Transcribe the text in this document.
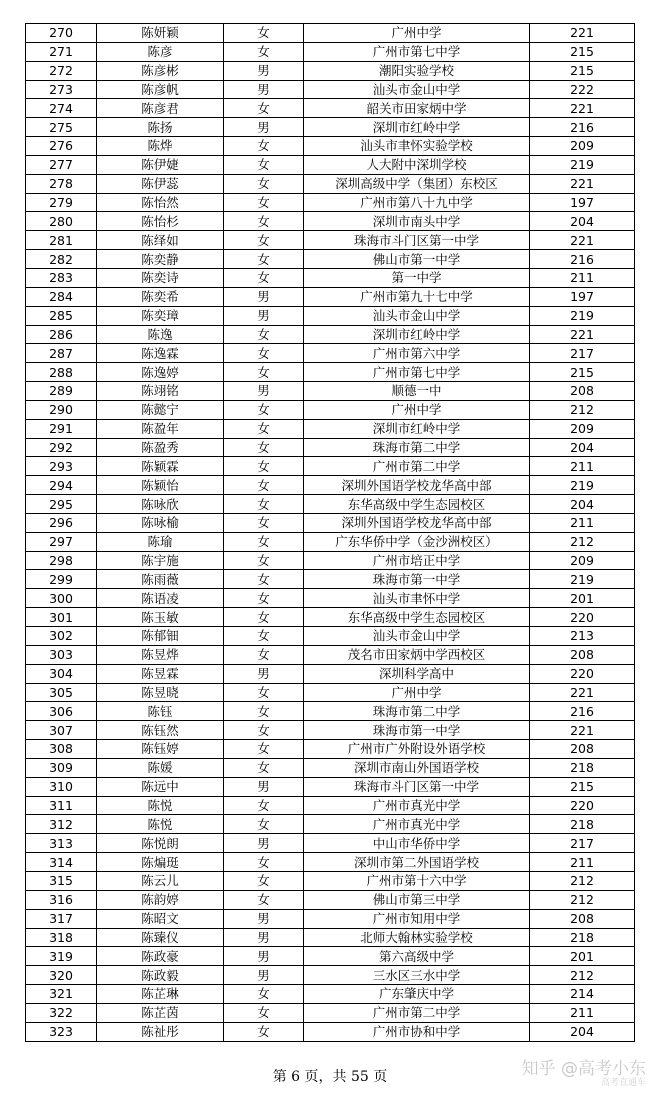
270	陈妍颖	女	广州中学	221
271	陈彦	女	广州市第七中学	215
272	陈彦彬	男	潮阳实验学校	215
273	陈彦帆	男	汕头市金山中学	222
274	陈彦君	女	韶关市田家炳中学	221
275	陈扬	男	深圳市红岭中学	216
276	陈烨	女	汕头市聿怀实验学校	209
277	陈伊婕	女	人大附中深圳学校	219
278	陈伊蕊	女	深圳高级中学（集团）东校区	221
279	陈怡然	女	广州市第八十九中学	197
280	陈怡杉	女	深圳市南头中学	204
281	陈绎如	女	珠海市斗门区第一中学	221
282	陈奕静	女	佛山市第一中学	216
283	陈奕诗	女	第一中学	211
284	陈奕希	男	广州市第九十七中学	197
285	陈奕璋	男	汕头市金山中学	219
286	陈逸	女	深圳市红岭中学	221
287	陈逸霖	女	广州市第六中学	217
288	陈逸婷	女	广州市第七中学	215
289	陈翊铭	男	顺德一中	208
290	陈懿宁	女	广州中学	212
291	陈盈年	女	深圳市红岭中学	209
292	陈盈秀	女	珠海市第二中学	204
293	陈颖霖	女	广州市第二中学	211
294	陈颖怡	女	深圳外国语学校龙华高中部	219
295	陈咏欣	女	东华高级中学生态园校区	204
296	陈咏榆	女	深圳外国语学校龙华高中部	211
297	陈瑜	女	广东华侨中学（金沙洲校区）	212
298	陈宇施	女	广州市培正中学	209
299	陈雨薇	女	珠海市第一中学	219
300	陈语凌	女	汕头市聿怀中学	201
301	陈玉敏	女	东华高级中学生态园校区	220
302	陈郁钿	女	汕头市金山中学	213
303	陈昱烨	女	茂名市田家炳中学西校区	208
304	陈昱霖	男	深圳科学高中	220
305	陈昱晓	女	广州中学	221
306	陈钰	女	珠海市第二中学	216
307	陈钰然	女	珠海市第一中学	221
308	陈钰婷	女	广州市广外附设外语学校	208
309	陈媛	女	深圳市南山外国语学校	218
310	陈远中	男	珠海市斗门区第一中学	215
311	陈悦	女	广州市真光中学	220
312	陈悦	女	广州市真光中学	218
313	陈悦朗	男	中山市华侨中学	217
314	陈煸珽	女	深圳市第二外国语学校	211
315	陈云儿	女	广州市第十六中学	212
316	陈韵婷	女	佛山市第三中学	212
317	陈昭文	男	广州市知用中学	208
318	陈臻仪	男	北师大翰林实验学校	218
319	陈政豪	男	第六高级中学	201
320	陈政毅	男	三水区三水中学	212
321	陈芷琳	女	广东肇庆中学	214
322	陈芷茵	女	广州市第二中学	211
323	陈祉彤	女	广州市协和中学	204
第 6 页，共 55 页	知乎 @高考小东
高考直通车
